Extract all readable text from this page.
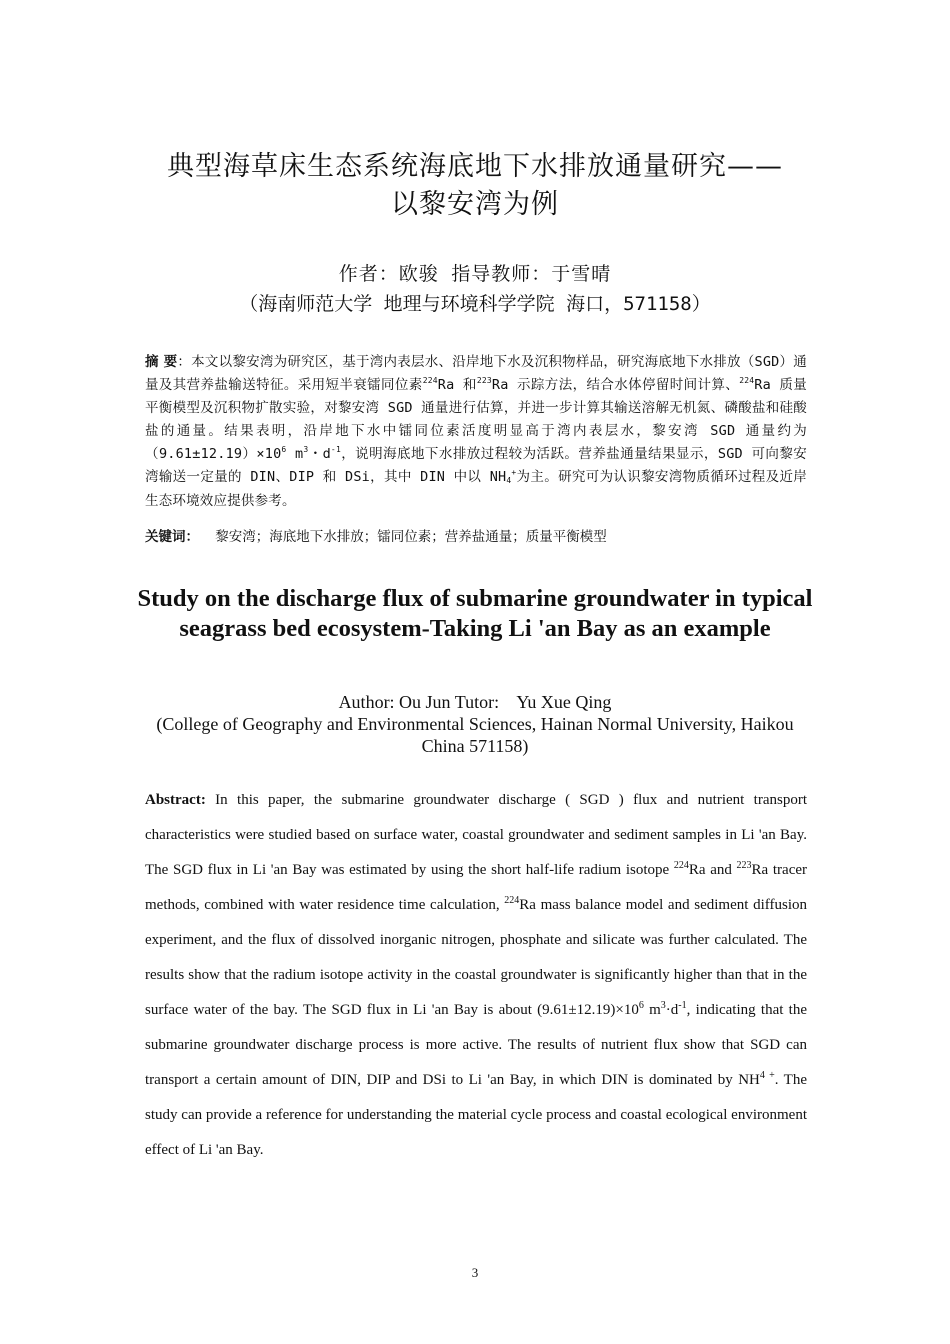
典型海草床生态系统海底地下水排放通量研究——
以黎安湾为例
作者：欧骏 指导教师：于雪晴
（海南师范大学 地理与环境科学学院 海口，571158）
摘 要：本文以黎安湾为研究区，基于湾内表层水、沿岸地下水及沉积物样品，研究海底地下水排放（SGD）通量及其营养盐输送特征。采用短半衰镭同位素$^{224}$Ra 和$^{223}$Ra 示踪方法，结合水体停留时间计算、$^{224}$Ra 质量平衡模型及沉积物扩散实验，对黎安湾 SGD 通量进行估算，并进一步计算其输送溶解无机氮、磷酸盐和硅酸盐的通量。结果表明，沿岸地下水中镭同位素活度明显高于湾内表层水，黎安湾 SGD 通量约为$(9.61\pm 12.19)\times 10^6$ $m^3$・$d^{-1}$，说明海底地下水排放过程较为活跃。营养盐通量结果显示，SGD 可向黎安湾输送一定量的 DIN、DIP 和 DSi，其中 DIN 中以 $NH_4^+$为主。研究可为认识黎安湾物质循环过程及近岸生态环境效应提供参考。
关键词： 黎安湾；海底地下水排放；镭同位素；营养盐通量；质量平衡模型
Study on the discharge flux of submarine groundwater in typical seagrass bed ecosystem-Taking Li 'an Bay as an example
Author: Ou Jun Tutor:    Yu Xue Qing
(College of Geography and Environmental Sciences, Hainan Normal University, Haikou China 571158)
Abstract: In this paper, the submarine groundwater discharge ( SGD ) flux and nutrient transport characteristics were studied based on surface water, coastal groundwater and sediment samples in Li 'an Bay. The SGD flux in Li 'an Bay was estimated by using the short half-life radium isotope $^{224}$Ra and $^{223}$Ra tracer methods, combined with water residence time calculation, $^{224}$Ra mass balance model and sediment diffusion experiment, and the flux of dissolved inorganic nitrogen, phosphate and silicate was further calculated. The results show that the radium isotope activity in the coastal groundwater is significantly higher than that in the surface water of the bay. The SGD flux in Li 'an Bay is about $(9.61\pm 12.19)\times 10^6$ $m^3\cdot d^{-1}$, indicating that the submarine groundwater discharge process is more active. The results of nutrient flux show that SGD can transport a certain amount of DIN, DIP and DSi to Li 'an Bay, in which DIN is dominated by $NH^{4 +}$. The study can provide a reference for understanding the material cycle process and coastal ecological environment effect of Li 'an Bay.
3
